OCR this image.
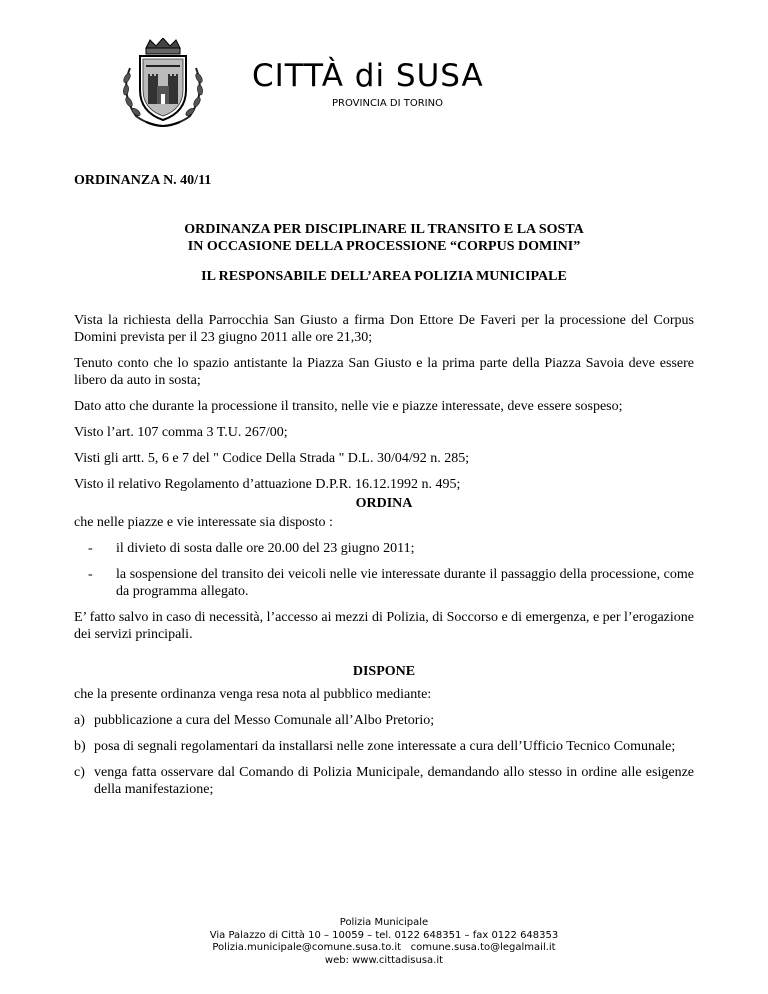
CITTÀ di SUSA
PROVINCIA DI TORINO
ORDINANZA N. 40/11
ORDINANZA PER DISCIPLINARE IL TRANSITO E LA SOSTA
IN OCCASIONE DELLA PROCESSIONE “CORPUS DOMINI”
IL RESPONSABILE DELL’AREA POLIZIA MUNICIPALE

Vista la richiesta della Parrocchia San Giusto a firma Don Ettore De Faveri per la processione del Corpus Domini prevista per il 23 giugno 2011 alle ore 21,30;

Tenuto conto che lo spazio antistante la Piazza San Giusto e la prima parte della Piazza Savoia deve essere libero da auto in sosta;

Dato atto che durante la processione il transito, nelle vie e piazze interessate, deve essere sospeso;

Visto l’art. 107 comma 3 T.U. 267/00;

Visti gli artt. 5, 6 e 7 del " Codice Della Strada " D.L. 30/04/92 n. 285;

Visto il relativo Regolamento d’attuazione D.P.R. 16.12.1992 n. 495;

ORDINA

che nelle piazze e vie interessate sia disposto :

-	il divieto di sosta dalle ore 20.00 del 23 giugno 2011;
-	la sospensione del transito dei veicoli nelle vie interessate durante il passaggio della processione, come da programma allegato.

E’ fatto salvo in caso di necessità, l’accesso ai mezzi di Polizia, di Soccorso e di emergenza, e per l’erogazione dei servizi principali.

DISPONE

che la presente ordinanza venga resa nota al pubblico mediante:

a) pubblicazione a cura del Messo Comunale all’Albo Pretorio;
b) posa di segnali regolamentari da installarsi nelle zone interessate a cura dell’Ufficio Tecnico Comunale;
c) venga fatta osservare dal Comando di Polizia Municipale, demandando allo stesso in ordine alle esigenze della manifestazione;
Polizia Municipale
Via Palazzo di Città 10 – 10059 – tel. 0122 648351 – fax 0122 648353
Polizia.municipale@comune.susa.to.it   comune.susa.to@legalmail.it
web: www.cittadisusa.it
